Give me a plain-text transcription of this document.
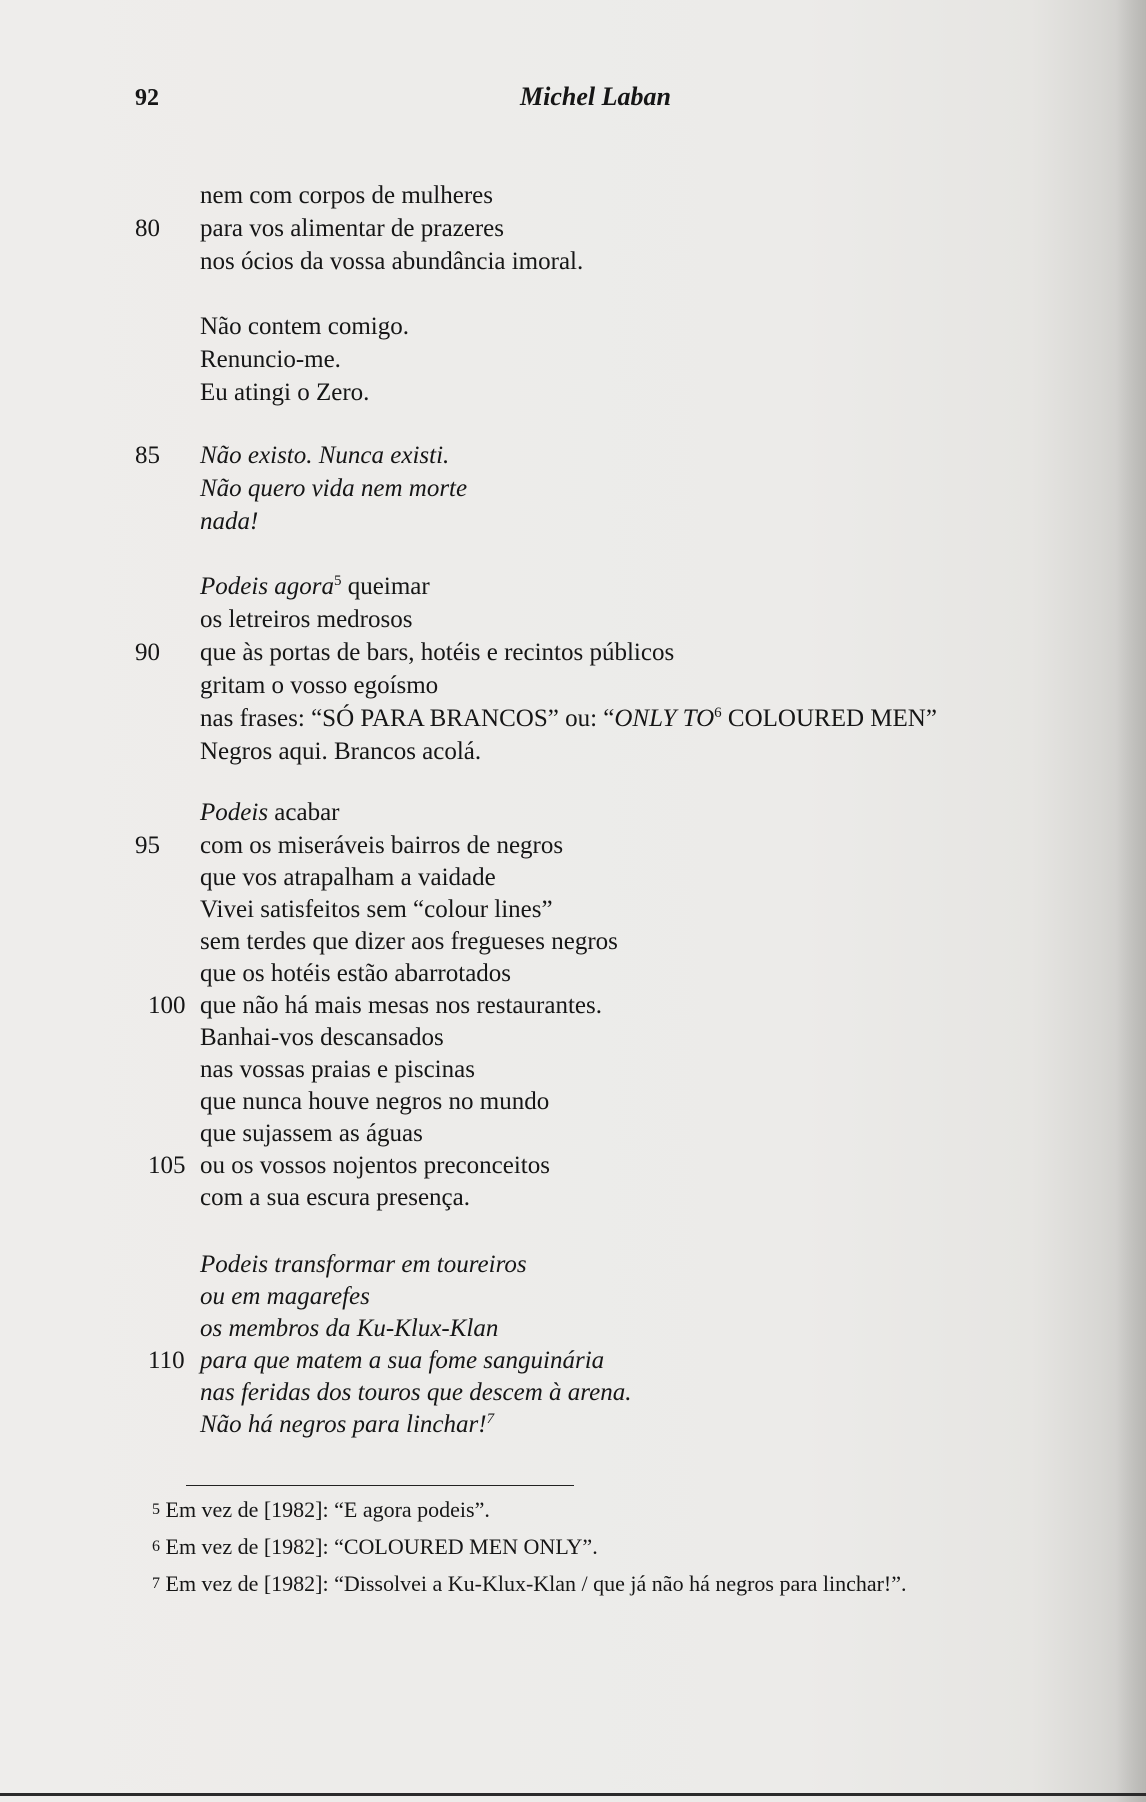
92	Michel Laban
nem com corpos de mulheres
80 para vos alimentar de prazeres
nos ócios da vossa abundância imoral.
Não contem comigo.
Renuncio-me.
Eu atingi o Zero.
85 Não existo. Nunca existi.
Não quero vida nem morte
nada!
Podeis agora$^5$ queimar
os letreiros medrosos
90 que às portas de bars, hotéis e recintos públicos
gritam o vosso egoísmo
nas frases: “SÓ PARA BRANCOS” ou: “ONLY $TO^6$ COLOURED MEN”
Negros aqui. Brancos acolá.
Podeis acabar
95 com os miseráveis bairros de negros
que vos atrapalham a vaidade
Vivei satisfeitos sem “colour lines”
sem terdes que dizer aos fregueses negros
que os hotéis estão abarrotados
100 que não há mais mesas nos restaurantes.
Banhai-vos descansados
nas vossas praias e piscinas
que nunca houve negros no mundo
que sujassem as águas
105 ou os vossos nojentos preconceitos
com a sua escura presença.
Podeis transformar em toureiros
ou em magarefes
os membros da Ku-Klux-Klan
110 para que matem a sua fome sanguinária
nas feridas dos touros que descem à arena.
Não há negros para linchar!$^7$
$^5$ Em vez de [1982]: “E agora podeis”.
$^6$ Em vez de [1982]: “COLOURED MEN ONLY”.
$^7$ Em vez de [1982]: “Dissolvei a Ku-Klux-Klan / que já não há negros para linchar!”.
